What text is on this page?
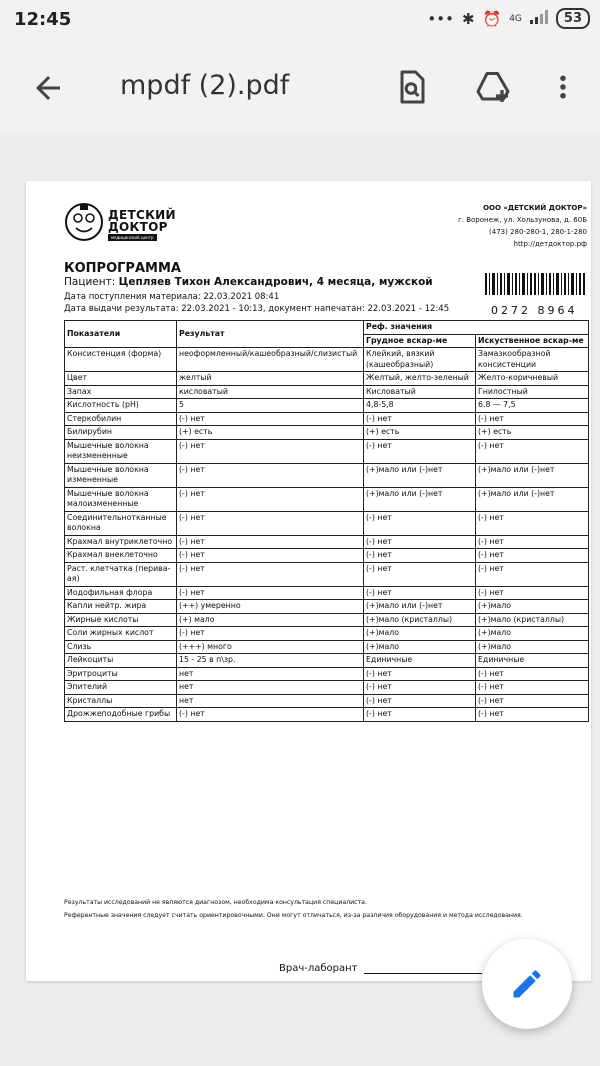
12:45	••• ✱ ⏰ 4G	53
mpdf (2).pdf
ДЕТСКИЙ
ДОКТОР
медицинский центр
ООО «ДЕТСКИЙ ДОКТОР»
г. Воронеж, ул. Хользунова, д. 60Б
(473) 280-280-1, 280-1-280
http://детдоктор.рф
КОПРОГРАММА
Пациент: Цепляев Тихон Александрович, 4 месяца, мужской
Дата поступления материала: 22.03.2021 08:41
Дата выдачи результата: 22.03.2021 - 10:13, документ напечатан: 22.03.2021 - 12:45	0272 8964
Показатели	Результат	Реф. значения	
		Грудное вскар-ме	Искуственное вскар-ме
Консистенция (форма)	неоформленный/кашеобразный/слизистый	Клейкий, вязкий (кашеобразный)	Замазкообразной консистенции
Цвет	желтый	Желтый, желто-зеленый	Желто-коричневый
Запах	кисловатый	Кисловатый	Гнилостный
Кислотность (рН)	5	4,8-5,8	6.8 — 7,5
Стеркобилин	(-) нет	(-) нет	(-) нет
Билирубин	(+) есть	(+) есть	(+) есть
Мышечные волокна неизмененные	(-) нет	(-) нет	(-) нет
Мышечные волокна измененные	(-) нет	(+)мало или (-)нет	(+)мало или (-)нет
Мышечные волокна малоизмененные	(-) нет	(+)мало или (-)нет	(+)мало или (-)нет
Соединительнотканные волокна	(-) нет	(-) нет	(-) нет
Крахмал внутриклеточно	(-) нет	(-) нет	(-) нет
Крахмал внеклеточно	(-) нет	(-) нет	(-) нет
Раст. клетчатка (перива-ая)	(-) нет	(-) нет	(-) нет
Иодофильная флора	(-) нет	(-) нет	(-) нет
Капли нейтр. жира	(++) умеренно	(+)мало или (-)нет	(+)мало
Жирные кислоты	(+) мало	(+)мало (кристаллы)	(+)мало (кристаллы)
Соли жирных кислот	(-) нет	(+)мало	(+)мало
Слизь	(+++) много	(+)мало	(+)мало
Лейкоциты	15 - 25 в п\зр.	Единичные	Единичные
Эритроциты	нет	(-) нет	(-) нет
Эпителий	нет	(-) нет	(-) нет
Кристаллы	нет	(-) нет	(-) нет
Дрожжеподобные грибы	(-) нет	(-) нет	(-) нет
Результаты исследований не являются диагнозом, необходима консультация специалиста.
Референтные значения следует считать ориентировочными. Они могут отличаться, из-за различия оборудования и метода исследования.
Врач-лаборант
